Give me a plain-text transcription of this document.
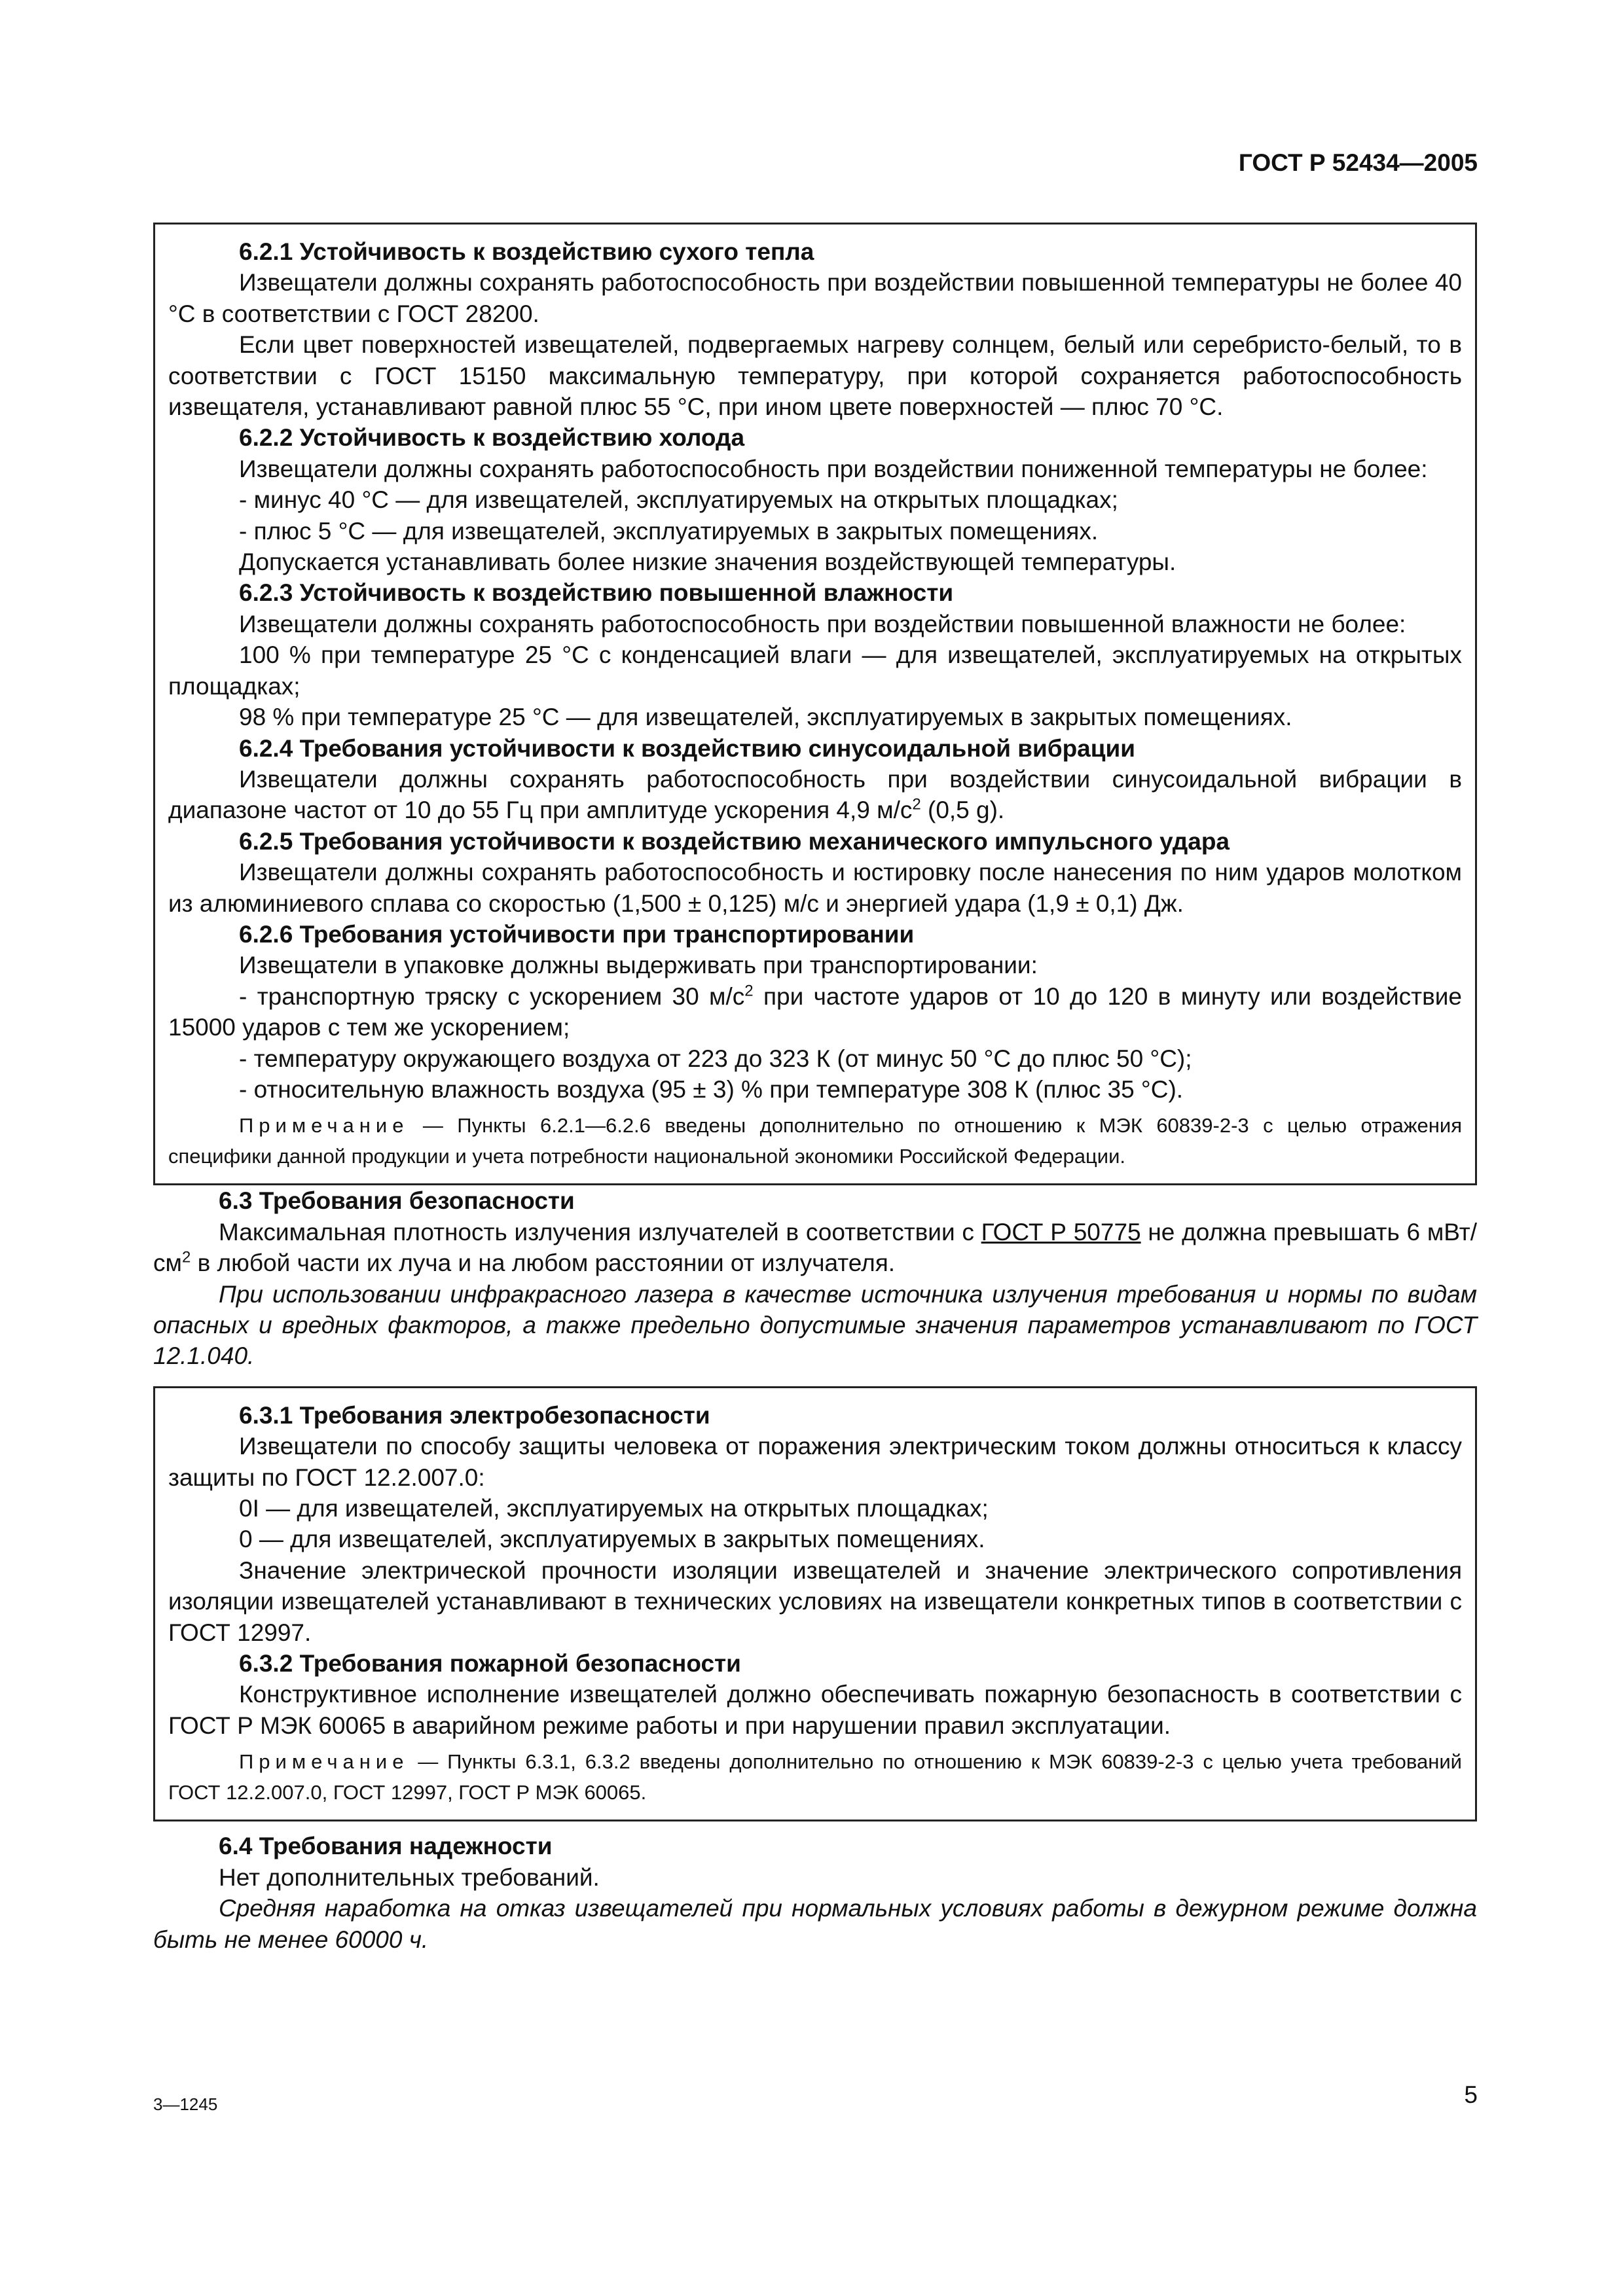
ГОСТ Р 52434—2005

6.2.1 Устойчивость к воздействию сухого тепла

Извещатели должны сохранять работоспособность при воздействии повышенной температуры не более 40 °С в соответствии с ГОСТ 28200.

Если цвет поверхностей извещателей, подвергаемых нагреву солнцем, белый или серебристо-белый, то в соответствии с ГОСТ 15150 максимальную температуру, при которой сохраняется работоспособность извещателя, устанавливают равной плюс 55 °С, при ином цвете поверхностей — плюс 70 °С.

6.2.2 Устойчивость к воздействию холода

Извещатели должны сохранять работоспособность при воздействии пониженной температуры не более:

- минус 40 °С — для извещателей, эксплуатируемых на открытых площадках;

- плюс 5 °С — для извещателей, эксплуатируемых в закрытых помещениях.

Допускается устанавливать более низкие значения воздействующей температуры.

6.2.3 Устойчивость к воздействию повышенной влажности

Извещатели должны сохранять работоспособность при воздействии повышенной влажности не более:

100 % при температуре 25 °С с конденсацией влаги — для извещателей, эксплуатируемых на открытых площадках;

98 % при температуре 25 °С — для извещателей, эксплуатируемых в закрытых помещениях.

6.2.4 Требования устойчивости к воздействию синусоидальной вибрации

Извещатели должны сохранять работоспособность при воздействии синусоидальной вибрации в диапазоне частот от 10 до 55 Гц при амплитуде ускорения 4,9 $м/с^2$ (0,5 g).

6.2.5 Требования устойчивости к воздействию механического импульсного удара

Извещатели должны сохранять работоспособность и юстировку после нанесения по ним ударов молотком из алюминиевого сплава со скоростью (1,500 ± 0,125) м/с и энергией удара (1,9 ± 0,1) Дж.

6.2.6 Требования устойчивости при транспортировании

Извещатели в упаковке должны выдерживать при транспортировании:

- транспортную тряску с ускорением 30 $м/с^2$ при частоте ударов от 10 до 120 в минуту или воздействие 15000 ударов с тем же ускорением;

- температуру окружающего воздуха от 223 до 323 К (от минус 50 °С до плюс 50 °С);

- относительную влажность воздуха (95 ± 3) % при температуре 308 К (плюс 35 °С).

Примечание — Пункты 6.2.1—6.2.6 введены дополнительно по отношению к МЭК 60839-2-3 с целью отражения специфики данной продукции и учета потребности национальной экономики Российской Федерации.

6.3 Требования безопасности

Максимальная плотность излучения излучателей в соответствии с ГОСТ Р 50775 не должна превышать 6 мВт/$см^2$ в любой части их луча и на любом расстоянии от излучателя.

При использовании инфракрасного лазера в качестве источника излучения требования и нормы по видам опасных и вредных факторов, а также предельно допустимые значения параметров устанавливают по ГОСТ 12.1.040.

6.3.1 Требования электробезопасности

Извещатели по способу защиты человека от поражения электрическим током должны относиться к классу защиты по ГОСТ 12.2.007.0:

0I — для извещателей, эксплуатируемых на открытых площадках;

0 — для извещателей, эксплуатируемых в закрытых помещениях.

Значение электрической прочности изоляции извещателей и значение электрического сопротивления изоляции извещателей устанавливают в технических условиях на извещатели конкретных типов в соответствии с ГОСТ 12997.

6.3.2 Требования пожарной безопасности

Конструктивное исполнение извещателей должно обеспечивать пожарную безопасность в соответствии с ГОСТ Р МЭК 60065 в аварийном режиме работы и при нарушении правил эксплуатации.

Примечание — Пункты 6.3.1, 6.3.2 введены дополнительно по отношению к МЭК 60839-2-3 с целью учета требований ГОСТ 12.2.007.0, ГОСТ 12997, ГОСТ Р МЭК 60065.

6.4 Требования надежности

Нет дополнительных требований.

Средняя наработка на отказ извещателей при нормальных условиях работы в дежурном режиме должна быть не менее 60000 ч.

3—1245	5
